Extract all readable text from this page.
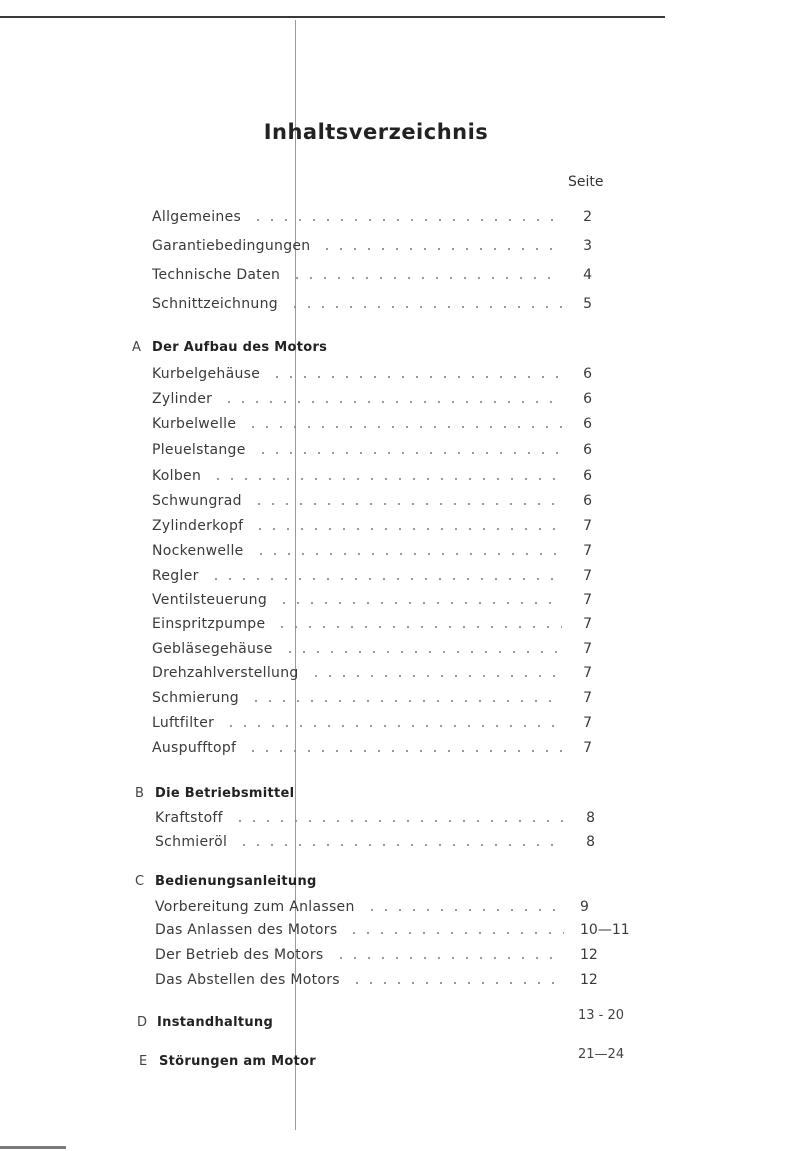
Inhaltsverzeichnis
Seite
Allgemeines	2
Garantiebedingungen	3
Technische Daten	4
Schnittzeichnung	5
A Der Aufbau des Motors
Kurbelgehäuse	6
Zylinder	6
Kurbelwelle	6
Pleuelstange	6
Kolben	6
Schwungrad	6
Zylinderkopf	7
Nockenwelle	7
Regler	7
Ventilsteuerung	7
Einspritzpumpe	7
Gebläsegehäuse	7
Drehzahlverstellung	7
Schmierung	7
Luftfilter	7
Auspufftopf	7
B Die Betriebsmittel
Kraftstoff	8
Schmieröl	8
C Bedienungsanleitung
Vorbereitung zum Anlassen	9
Das Anlassen des Motors	10—11
Der Betrieb des Motors	12
Das Abstellen des Motors	12
D Instandhaltung	13 - 20
E Störungen am Motor	21—24
